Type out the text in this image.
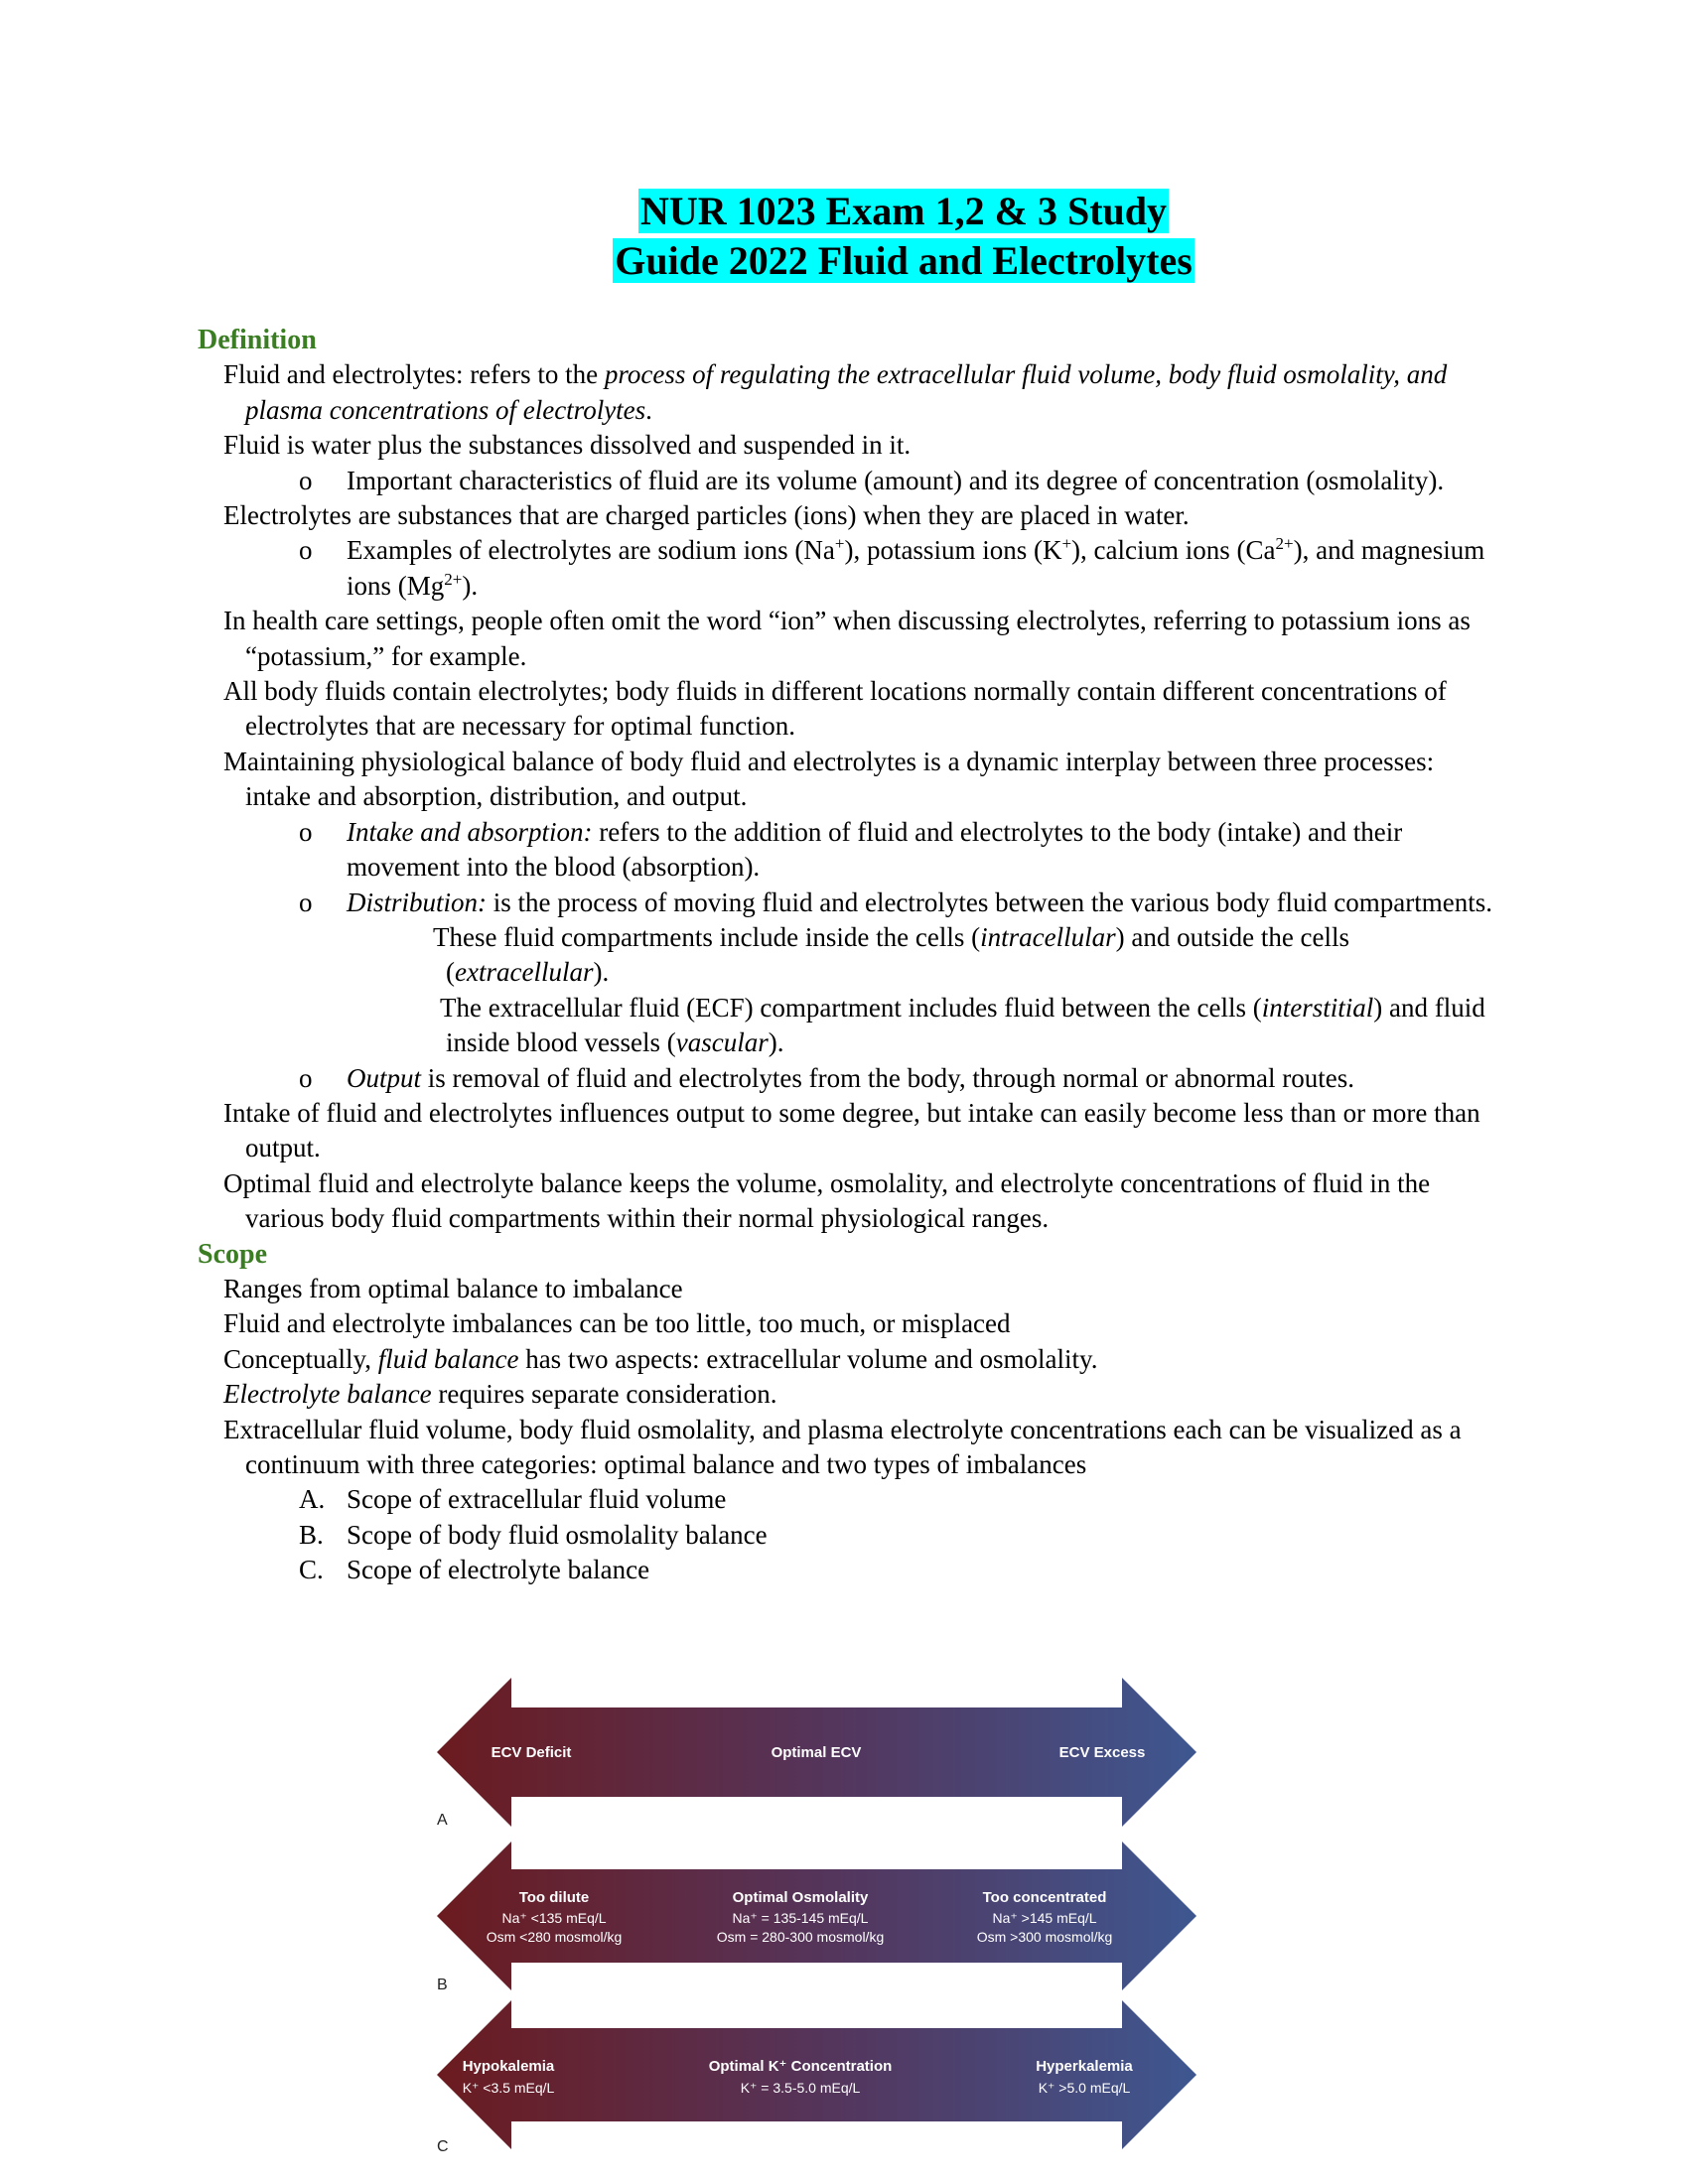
NUR 1023 Exam 1,2 & 3 Study
Guide 2022 Fluid and Electrolytes
Definition
Fluid and electrolytes: refers to the process of regulating the extracellular fluid volume, body fluid osmolality, and plasma concentrations of electrolytes.
Fluid is water plus the substances dissolved and suspended in it.
o Important characteristics of fluid are its volume (amount) and its degree of concentration (osmolality).
Electrolytes are substances that are charged particles (ions) when they are placed in water.
o Examples of electrolytes are sodium ions (Na+), potassium ions (K+), calcium ions $(Ca^{2+})$, and magnesium ions $(Mg^{2+})$.
In health care settings, people often omit the word “ion” when discussing electrolytes, referring to potassium ions as “potassium,” for example.
All body fluids contain electrolytes; body fluids in different locations normally contain different concentrations of electrolytes that are necessary for optimal function.
Maintaining physiological balance of body fluid and electrolytes is a dynamic interplay between three processes: intake and absorption, distribution, and output.
o Intake and absorption: refers to the addition of fluid and electrolytes to the body (intake) and their movement into the blood (absorption).
o Distribution: is the process of moving fluid and electrolytes between the various body fluid compartments.
These fluid compartments include inside the cells (intracellular) and outside the cells (extracellular).
The extracellular fluid (ECF) compartment includes fluid between the cells (interstitial) and fluid inside blood vessels (vascular).
o Output is removal of fluid and electrolytes from the body, through normal or abnormal routes.
Intake of fluid and electrolytes influences output to some degree, but intake can easily become less than or more than output.
Optimal fluid and electrolyte balance keeps the volume, osmolality, and electrolyte concentrations of fluid in the various body fluid compartments within their normal physiological ranges.
Scope
Ranges from optimal balance to imbalance
Fluid and electrolyte imbalances can be too little, too much, or misplaced
Conceptually, fluid balance has two aspects: extracellular volume and osmolality.
Electrolyte balance requires separate consideration.
Extracellular fluid volume, body fluid osmolality, and plasma electrolyte concentrations each can be visualized as a continuum with three categories: optimal balance and two types of imbalances
A. Scope of extracellular fluid volume
B. Scope of body fluid osmolality balance
C. Scope of electrolyte balance
ECV Deficit	Optimal ECV	ECV Excess
A
Too dilute
Na⁺ <135 mEq/L
Osm <280 mosmol/kg
Optimal Osmolality
Na⁺ = 135-145 mEq/L
Osm = 280-300 mosmol/kg
Too concentrated
Na⁺ >145 mEq/L
Osm >300 mosmol/kg
B
Hypokalemia
K⁺ <3.5 mEq/L
Optimal K⁺ Concentration
K⁺ = 3.5-5.0 mEq/L
Hyperkalemia
K⁺ >5.0 mEq/L
C
